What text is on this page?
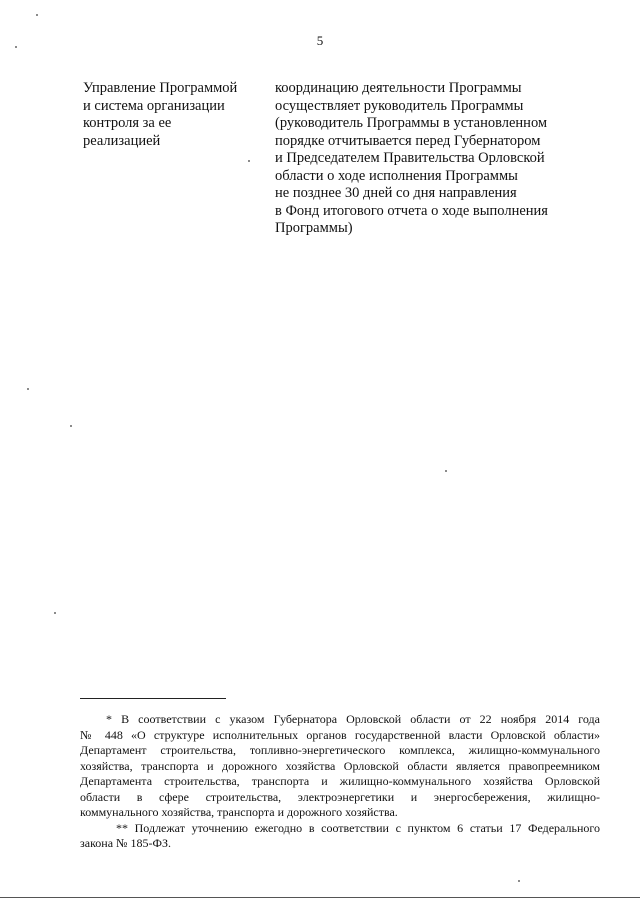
5
Управление Программой
и система организации
контроля за ее
реализацией
координацию деятельности Программы
осуществляет руководитель Программы
(руководитель Программы в установленном
порядке отчитывается перед Губернатором
и Председателем Правительства Орловской
области о ходе исполнения Программы
не позднее 30 дней со дня направления
в Фонд итогового отчета о ходе выполнения
Программы)
* В соответствии с указом Губернатора Орловской области от 22 ноября 2014 года
№ 448 «О структуре исполнительных органов государственной власти Орловской области»
Департамент строительства, топливно-энергетического комплекса, жилищно-коммунального
хозяйства, транспорта и дорожного хозяйства Орловской области является правопреемником
Департамента строительства, транспорта и жилищно-коммунального хозяйства Орловской
области в сфере строительства, электроэнергетики и энергосбережения, жилищно-
коммунального хозяйства, транспорта и дорожного хозяйства.
** Подлежат уточнению ежегодно в соответствии с пунктом 6 статьи 17 Федерального
закона № 185-ФЗ.
